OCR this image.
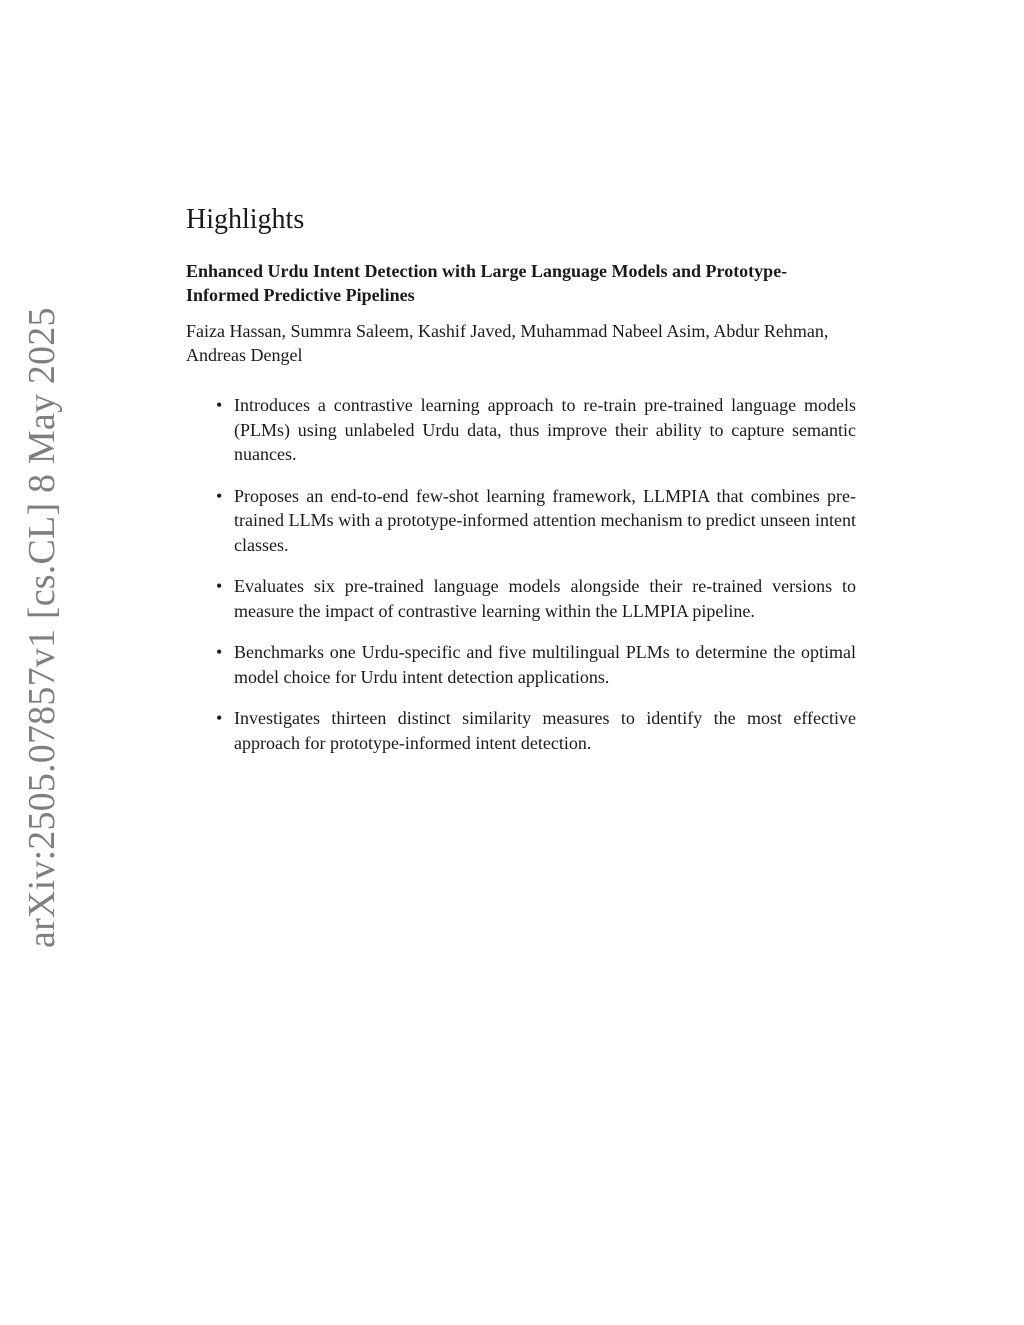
arXiv:2505.07857v1 [cs.CL] 8 May 2025
Highlights
Enhanced Urdu Intent Detection with Large Language Models and Prototype-Informed Predictive Pipelines
Faiza Hassan, Summra Saleem, Kashif Javed, Muhammad Nabeel Asim, Abdur Rehman, Andreas Dengel
• Introduces a contrastive learning approach to re-train pre-trained language models (PLMs) using unlabeled Urdu data, thus improve their ability to capture semantic nuances.
• Proposes an end-to-end few-shot learning framework, LLMPIA that combines pre-trained LLMs with a prototype-informed attention mechanism to predict unseen intent classes.
• Evaluates six pre-trained language models alongside their re-trained versions to measure the impact of contrastive learning within the LLMPIA pipeline.
• Benchmarks one Urdu-specific and five multilingual PLMs to determine the optimal model choice for Urdu intent detection applications.
• Investigates thirteen distinct similarity measures to identify the most effective approach for prototype-informed intent detection.
